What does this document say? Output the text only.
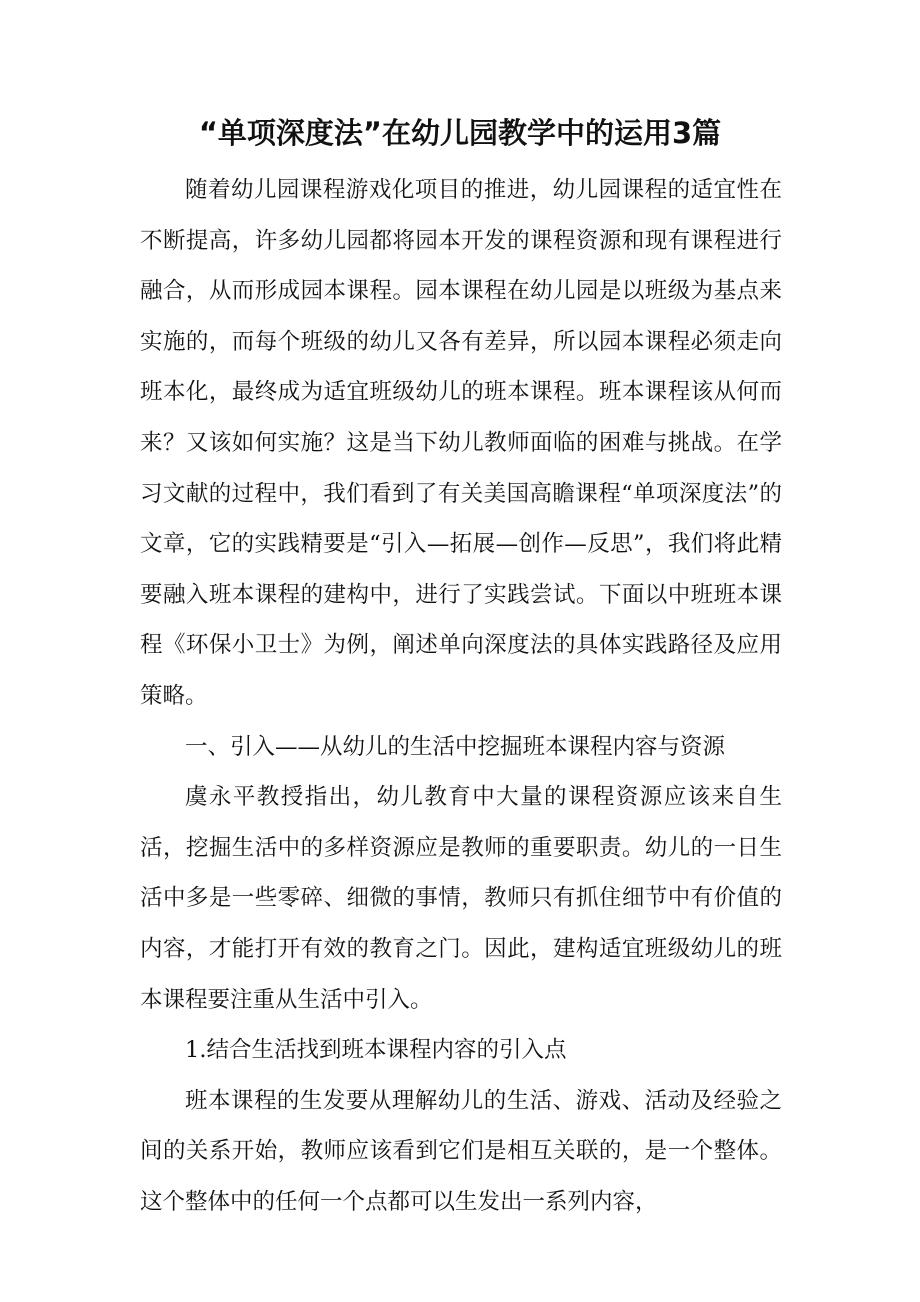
“单项深度法”在幼儿园教学中的运用3篇

随着幼儿园课程游戏化项目的推进，幼儿园课程的适宜性在不断提高，许多幼儿园都将园本开发的课程资源和现有课程进行融合，从而形成园本课程。园本课程在幼儿园是以班级为基点来实施的，而每个班级的幼儿又各有差异，所以园本课程必须走向班本化，最终成为适宜班级幼儿的班本课程。班本课程该从何而来？又该如何实施？这是当下幼儿教师面临的困难与挑战。在学习文献的过程中，我们看到了有关美国高瞻课程“单项深度法”的文章，它的实践精要是“引入—拓展—创作—反思”，我们将此精要融入班本课程的建构中，进行了实践尝试。下面以中班班本课程《环保小卫士》为例，阐述单向深度法的具体实践路径及应用策略。

一、引入——从幼儿的生活中挖掘班本课程内容与资源

虞永平教授指出，幼儿教育中大量的课程资源应该来自生活，挖掘生活中的多样资源应是教师的重要职责。幼儿的一日生活中多是一些零碎、细微的事情，教师只有抓住细节中有价值的内容，才能打开有效的教育之门。因此，建构适宜班级幼儿的班本课程要注重从生活中引入。

1.结合生活找到班本课程内容的引入点

班本课程的生发要从理解幼儿的生活、游戏、活动及经验之间的关系开始，教师应该看到它们是相互关联的，是一个整体。这个整体中的任何一个点都可以生发出一系列内容，
